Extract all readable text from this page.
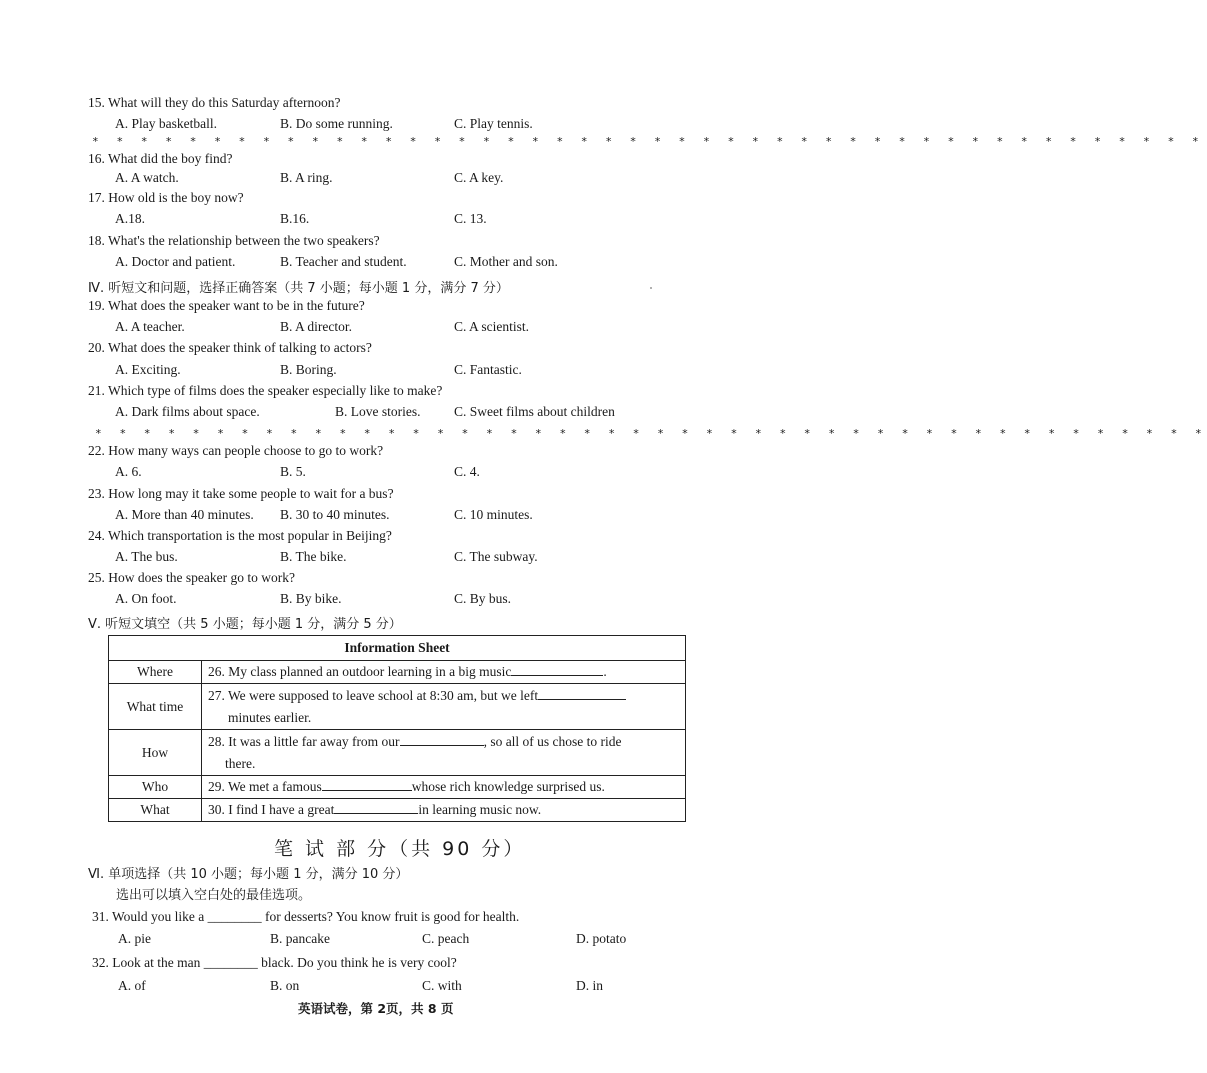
15. What will they do this Saturday afternoon?
A. Play basketball.	B. Do some running.	C. Play tennis.
* * * * * * * * * * * * * * * * * * * * * * * * * * * * * * * * * * * * * * * * * * * * * *
16. What did the boy find?
A. A watch.	B. A ring.	C. A key.
17. How old is the boy now?
A.18.	B.16.	C. 13.
18. What's the relationship between the two speakers?
A. Doctor and patient.	B. Teacher and student.	C. Mother and son.
Ⅳ. 听短文和问题，选择正确答案（共 7 小题；每小题 1 分，满分 7 分）
19. What does the speaker want to be in the future?
A. A teacher.	B. A director.	C. A scientist.
20. What does the speaker think of talking to actors?
A. Exciting.	B. Boring.	C. Fantastic.
21. Which type of films does the speaker especially like to make?
A. Dark films about space.	B. Love stories. C. Sweet films about children
* * * * * * * * * * * * * * * * * * * * * * * * * * * * * * * * * * * * * * * * * * * * * *
22. How many ways can people choose to go to work?
A. 6.	B. 5.	C. 4.
23. How long may it take some people to wait for a bus?
A. More than 40 minutes. B. 30 to 40 minutes.	C. 10 minutes.
24. Which transportation is the most popular in Beijing?
A. The bus.	B. The bike.	C. The subway.
25. How does the speaker go to work?
A. On foot.	B. By bike.	C. By bus.
Ⅴ. 听短文填空（共 5 小题；每小题 1 分，满分 5 分）
Information Sheet	
Where	26. My class planned an outdoor learning in a big music .
What time	27. We were supposed to leave school at 8:30 am, but we left
minutes earlier.
How	28. It was a little far away from our , so all of us chose to ride
there.
Who	29. We met a famous whose rich knowledge surprised us.
What	30. I find I have a great in learning music now.
笔 试 部 分（共 90 分）
Ⅵ. 单项选择（共 10 小题；每小题 1 分，满分 10 分）
选出可以填入空白处的最佳选项。
31. Would you like a ________ for desserts? You know fruit is good for health.
A. pie	B. pancake	C. peach	D. potato
32. Look at the man ________ black. Do you think he is very cool?
A. of	B. on	C. with	D. in
英语试卷，第 2页，共 8 页
